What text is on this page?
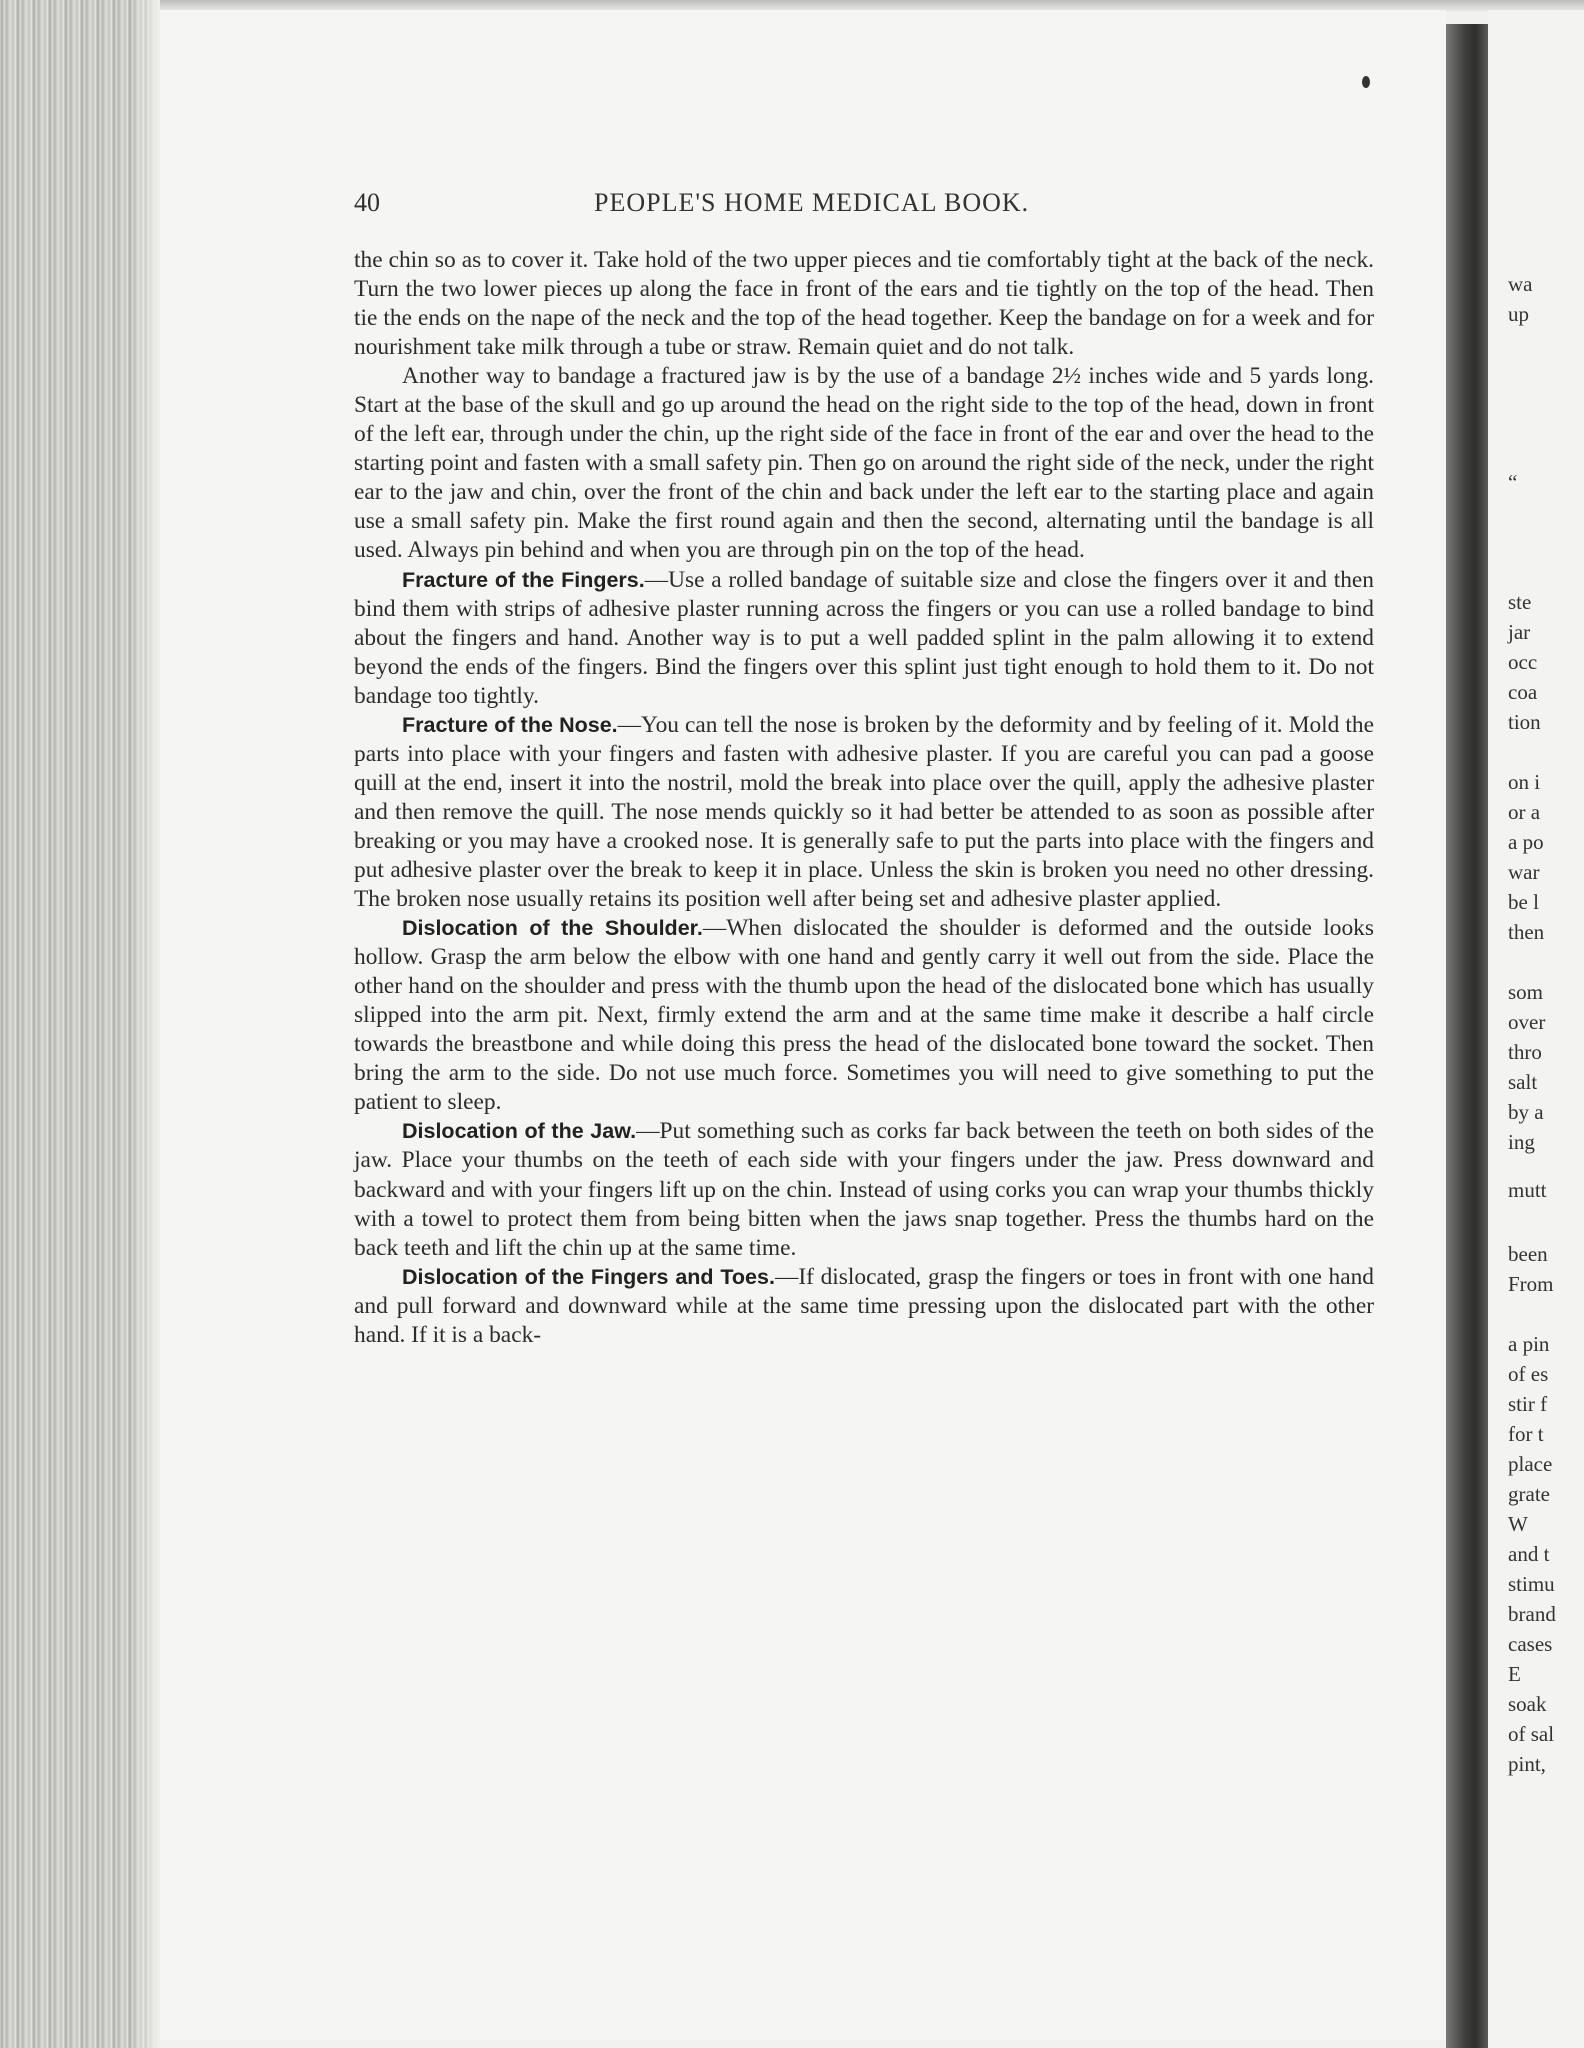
40	PEOPLE'S HOME MEDICAL BOOK.

the chin so as to cover it. Take hold of the two upper pieces and tie comfortably tight at the back of the neck. Turn the two lower pieces up along the face in front of the ears and tie tightly on the top of the head. Then tie the ends on the nape of the neck and the top of the head together. Keep the bandage on for a week and for nourishment take milk through a tube or straw. Remain quiet and do not talk.

Another way to bandage a fractured jaw is by the use of a bandage 2½ inches wide and 5 yards long. Start at the base of the skull and go up around the head on the right side to the top of the head, down in front of the left ear, through under the chin, up the right side of the face in front of the ear and over the head to the starting point and fasten with a small safety pin. Then go on around the right side of the neck, under the right ear to the jaw and chin, over the front of the chin and back under the left ear to the starting place and again use a small safety pin. Make the first round again and then the second, alternating until the bandage is all used. Always pin behind and when you are through pin on the top of the head.

Fracture of the Fingers.—Use a rolled bandage of suitable size and close the fingers over it and then bind them with strips of adhesive plaster running across the fingers or you can use a rolled bandage to bind about the fingers and hand. Another way is to put a well padded splint in the palm allowing it to extend beyond the ends of the fingers. Bind the fingers over this splint just tight enough to hold them to it. Do not bandage too tightly.

Fracture of the Nose.—You can tell the nose is broken by the deformity and by feeling of it. Mold the parts into place with your fingers and fasten with adhesive plaster. If you are careful you can pad a goose quill at the end, insert it into the nostril, mold the break into place over the quill, apply the adhesive plaster and then remove the quill. The nose mends quickly so it had better be attended to as soon as possible after breaking or you may have a crooked nose. It is generally safe to put the parts into place with the fingers and put adhesive plaster over the break to keep it in place. Unless the skin is broken you need no other dressing. The broken nose usually retains its position well after being set and adhesive plaster applied.

Dislocation of the Shoulder.—When dislocated the shoulder is deformed and the outside looks hollow. Grasp the arm below the elbow with one hand and gently carry it well out from the side. Place the other hand on the shoulder and press with the thumb upon the head of the dislocated bone which has usually slipped into the arm pit. Next, firmly extend the arm and at the same time make it describe a half circle towards the breastbone and while doing this press the head of the dislocated bone toward the socket. Then bring the arm to the side. Do not use much force. Sometimes you will need to give something to put the patient to sleep.

Dislocation of the Jaw.—Put something such as corks far back between the teeth on both sides of the jaw. Place your thumbs on the teeth of each side with your fingers under the jaw. Press downward and backward and with your fingers lift up on the chin. Instead of using corks you can wrap your thumbs thickly with a towel to protect them from being bitten when the jaws snap together. Press the thumbs hard on the back teeth and lift the chin up at the same time.

Dislocation of the Fingers and Toes.—If dislocated, grasp the fingers or toes in front with one hand and pull forward and downward while at the same time pressing upon the dislocated part with the other hand. If it is a back-

wa
up
“
ste
jar
occ
coa
tion
on i
or a
a po
war
be l
then
som
over
thro
salt
by a
ing
mutt
been
From
a pin
of es
stir f
for t
place
grate
W
and t
stimu
brand
cases
E
soak
of sal
pint,
